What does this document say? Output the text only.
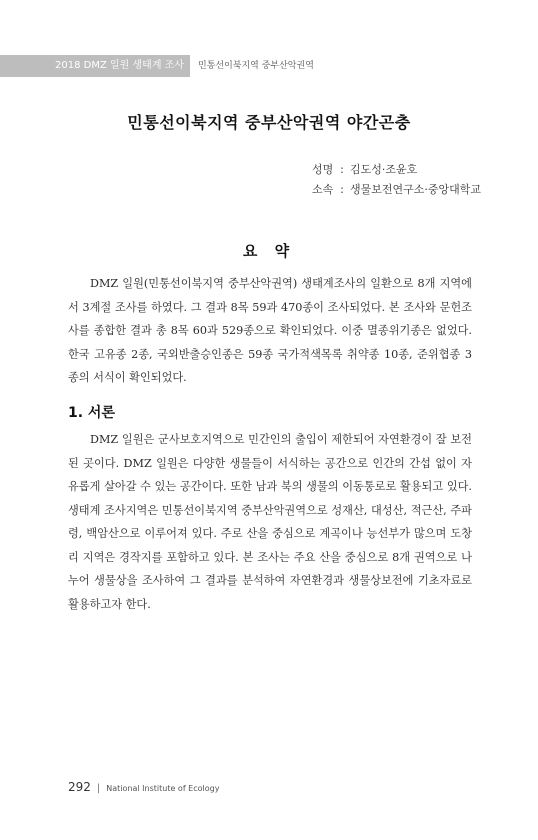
2018 DMZ 일원 생태계 조사	민통선이북지역 중부산악권역
민통선이북지역 중부산악권역 야간곤충
성명 : 김도성·조윤호
소속 : 생물보전연구소·중앙대학교
요 약

DMZ 일원(민통선이북지역 중부산악권역) 생태계조사의 일환으로 8개 지역에서 3계절 조사를 하였다. 그 결과 8목 59과 470종이 조사되었다. 본 조사와 문헌조사를 종합한 결과 총 8목 60과 529종으로 확인되었다. 이중 멸종위기종은 없었다. 한국 고유종 2종, 국외반출승인종은 59종 국가적색목록 취약종 10종, 준위협종 3종의 서식이 확인되었다.

1. 서론

DMZ 일원은 군사보호지역으로 민간인의 출입이 제한되어 자연환경이 잘 보전된 곳이다. DMZ 일원은 다양한 생물들이 서식하는 공간으로 인간의 간섭 없이 자유롭게 살아갈 수 있는 공간이다. 또한 남과 북의 생물의 이동통로로 활용되고 있다. 생태계 조사지역은 민통선이북지역 중부산악권역으로 성재산, 대성산, 적근산, 주파령, 백암산으로 이루어져 있다. 주로 산을 중심으로 계곡이나 능선부가 많으며 도창리 지역은 경작지를 포함하고 있다. 본 조사는 주요 산을 중심으로 8개 권역으로 나누어 생물상을 조사하여 그 결과를 분석하여 자연환경과 생물상보전에 기초자료로 활용하고자 한다.

292 | National Institute of Ecology
